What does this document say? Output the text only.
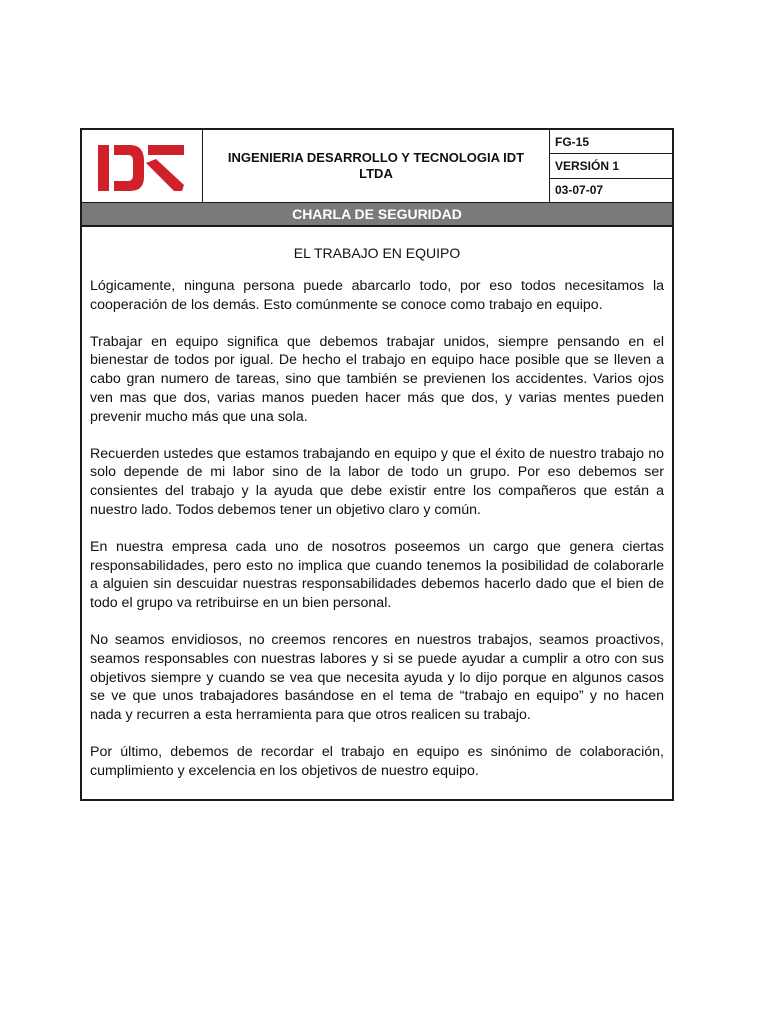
INGENIERIA DESARROLLO Y TECNOLOGIA IDT LTDA
FG-15
VERSIÓN 1
03-07-07
CHARLA DE SEGURIDAD
EL TRABAJO EN EQUIPO

Lógicamente, ninguna persona puede abarcarlo todo, por eso todos necesitamos la cooperación de los demás. Esto comúnmente se conoce como trabajo en equipo.

Trabajar en equipo significa que debemos trabajar unidos, siempre pensando en el bienestar de todos por igual. De hecho el trabajo en equipo hace posible que se lleven a cabo gran numero de tareas, sino que también se previenen los accidentes. Varios ojos ven mas que dos, varias manos pueden hacer más que dos, y varias mentes pueden prevenir mucho más que una sola.

Recuerden ustedes que estamos trabajando en equipo y que el éxito de nuestro trabajo no solo depende de mi labor sino de la labor de todo un grupo. Por eso debemos ser consientes del trabajo y la ayuda que debe existir entre los compañeros que están a nuestro lado. Todos debemos tener un objetivo claro y común.

En nuestra empresa cada uno de nosotros poseemos un cargo que genera ciertas responsabilidades, pero esto no implica que cuando tenemos la posibilidad de colaborarle a alguien sin descuidar nuestras responsabilidades debemos hacerlo dado que el bien de todo el grupo va retribuirse en un bien personal.

No seamos envidiosos, no creemos rencores en nuestros trabajos, seamos proactivos, seamos responsables con nuestras labores y si se puede ayudar a cumplir a otro con sus objetivos siempre y cuando se vea que necesita ayuda y lo dijo porque en algunos casos se ve que unos trabajadores basándose en el tema de “trabajo en equipo” y no hacen nada y recurren a esta herramienta para que otros realicen su trabajo.

Por último, debemos de recordar el trabajo en equipo es sinónimo de colaboración, cumplimiento y excelencia en los objetivos de nuestro equipo.
